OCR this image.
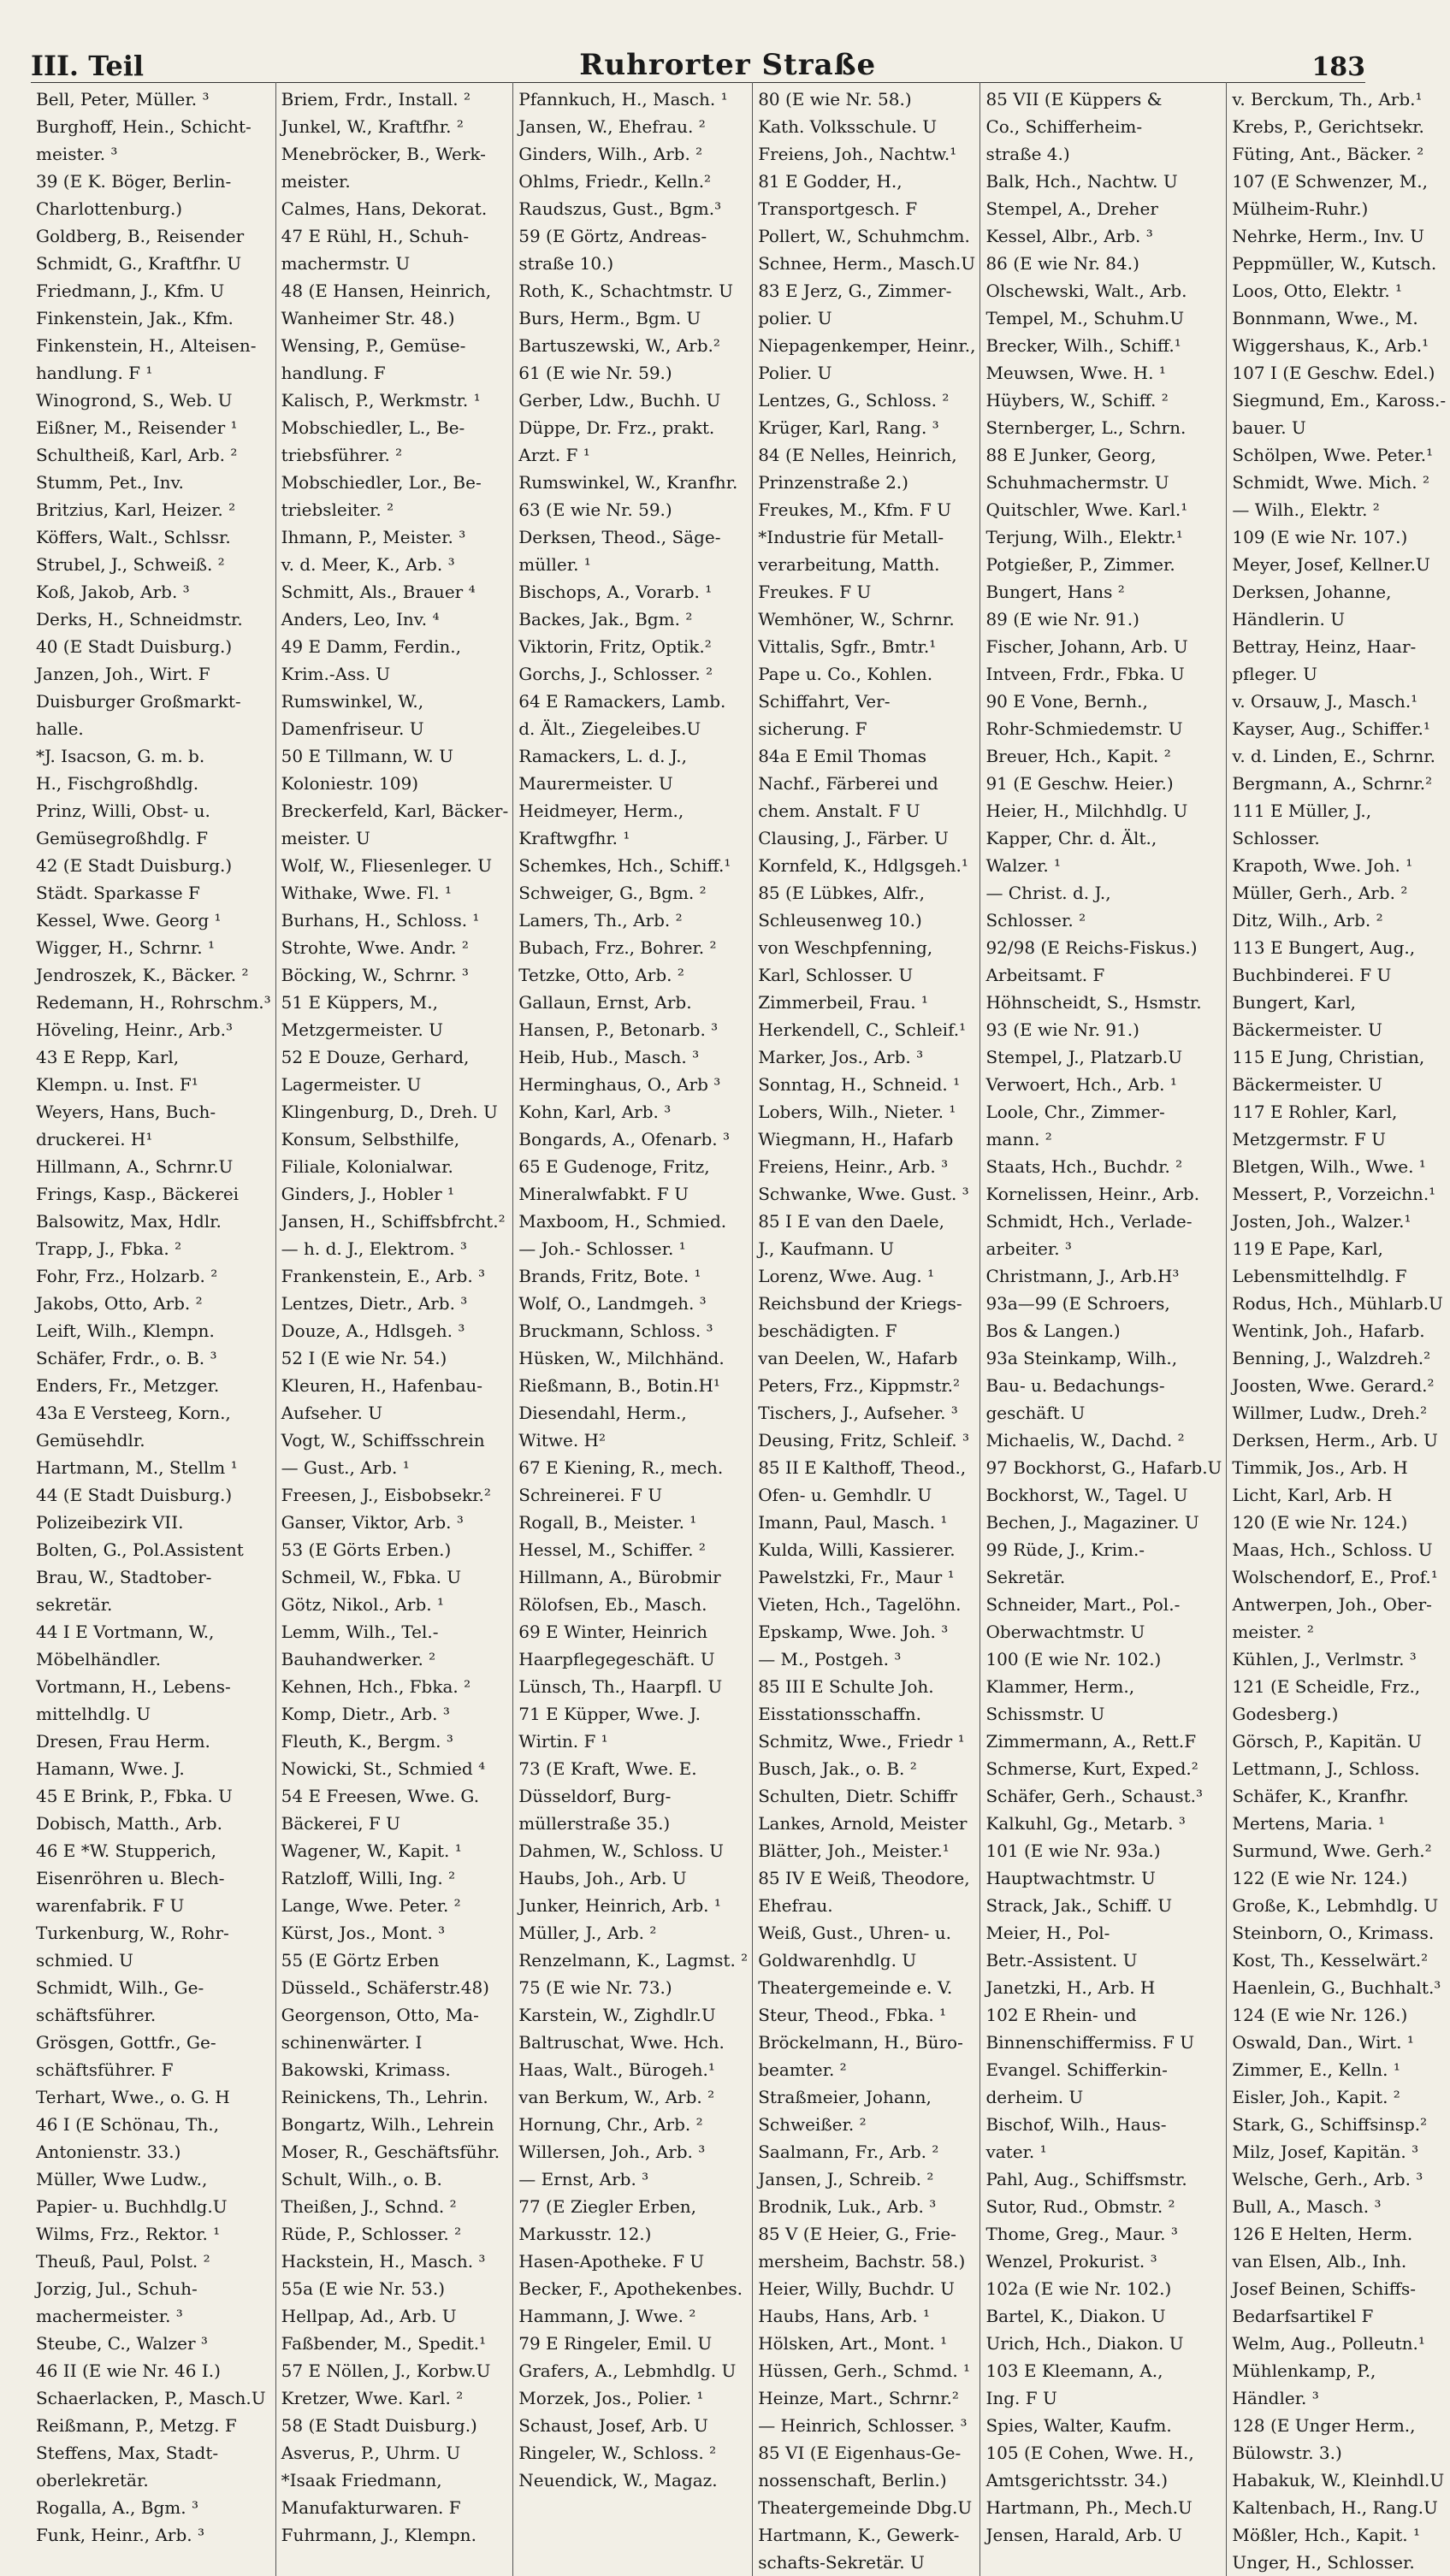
III. Teil	Ruhrorter Straße	183
Bell, Peter, Müller. ³
Burghoff, Hein., Schicht-
meister. ³
39 (E K. Böger, Berlin-
Charlottenburg.)
Goldberg, B., Reisender
Schmidt, G., Kraftfhr. U
Friedmann, J., Kfm. U
Finkenstein, Jak., Kfm.
Finkenstein, H., Alteisen-
handlung. F ¹
Winogrond, S., Web. U
Eißner, M., Reisender ¹
Schultheiß, Karl, Arb. ²
Stumm, Pet., Inv.
Britzius, Karl, Heizer. ²
Köffers, Walt., Schlssr.
Strubel, J., Schweiß. ²
Koß, Jakob, Arb. ³
Derks, H., Schneidmstr.
40 (E Stadt Duisburg.)
Janzen, Joh., Wirt. F
Duisburger Großmarkt-
halle.
*J. Isacson, G. m. b.
H., Fischgroßhdlg.
Prinz, Willi, Obst- u.
Gemüsegroßhdlg. F
42 (E Stadt Duisburg.)
Städt. Sparkasse F
Kessel, Wwe. Georg ¹
Wigger, H., Schrnr. ¹
Jendroszek, K., Bäcker. ²
Redemann, H., Rohrschm.³
Höveling, Heinr., Arb.³
43 E Repp, Karl,
Klempn. u. Inst. F¹
Weyers, Hans, Buch-
druckerei. H¹
Hillmann, A., Schrnr.U
Frings, Kasp., Bäckerei
Balsowitz, Max, Hdlr.
Trapp, J., Fbka. ²
Fohr, Frz., Holzarb. ²
Jakobs, Otto, Arb. ²
Leift, Wilh., Klempn.
Schäfer, Frdr., o. B. ³
Enders, Fr., Metzger.
43a E Versteeg, Korn.,
Gemüsehdlr.
Hartmann, M., Stellm ¹
44 (E Stadt Duisburg.)
Polizeibezirk VII.
Bolten, G., Pol.Assistent
Brau, W., Stadtober-
sekretär.
44 I E Vortmann, W.,
Möbelhändler.
Vortmann, H., Lebens-
mittelhdlg. U
Dresen, Frau Herm.
Hamann, Wwe. J.
45 E Brink, P., Fbka. U
Dobisch, Matth., Arb.
46 E *W. Stupperich,
Eisenröhren u. Blech-
warenfabrik. F U
Turkenburg, W., Rohr-
schmied. U
Schmidt, Wilh., Ge-
schäftsführer.
Grösgen, Gottfr., Ge-
schäftsführer. F
Terhart, Wwe., o. G. H
46 I (E Schönau, Th.,
Antonienstr. 33.)
Müller, Wwe Ludw.,
Papier- u. Buchhdlg.U
Wilms, Frz., Rektor. ¹
Theuß, Paul, Polst. ²
Jorzig, Jul., Schuh-
machermeister. ³
Steube, C., Walzer ³
46 II (E wie Nr. 46 I.)
Schaerlacken, P., Masch.U
Reißmann, P., Metzg. F
Steffens, Max, Stadt-
oberlekretär.
Rogalla, A., Bgm. ³
Funk, Heinr., Arb. ³
Briem, Frdr., Install. ²
Junkel, W., Kraftfhr. ²
Menebröcker, B., Werk-
meister.
Calmes, Hans, Dekorat.
47 E Rühl, H., Schuh-
machermstr. U
48 (E Hansen, Heinrich,
Wanheimer Str. 48.)
Wensing, P., Gemüse-
handlung. F
Kalisch, P., Werkmstr. ¹
Mobschiedler, L., Be-
triebsführer. ²
Mobschiedler, Lor., Be-
triebsleiter. ²
Ihmann, P., Meister. ³
v. d. Meer, K., Arb. ³
Schmitt, Als., Brauer ⁴
Anders, Leo, Inv. ⁴
49 E Damm, Ferdin.,
Krim.-Ass. U
Rumswinkel, W.,
Damenfriseur. U
50 E Tillmann, W. U
Koloniestr. 109)
Breckerfeld, Karl, Bäcker-
meister. U
Wolf, W., Fliesenleger. U
Withake, Wwe. Fl. ¹
Burhans, H., Schloss. ¹
Strohte, Wwe. Andr. ²
Böcking, W., Schrnr. ³
51 E Küppers, M.,
Metzgermeister. U
52 E Douze, Gerhard,
Lagermeister. U
Klingenburg, D., Dreh. U
Konsum, Selbsthilfe,
Filiale, Kolonialwar.
Ginders, J., Hobler ¹
Jansen, H., Schiffsbfrcht.²
— h. d. J., Elektrom. ³
Frankenstein, E., Arb. ³
Lentzes, Dietr., Arb. ³
Douze, A., Hdlsgeh. ³
52 I (E wie Nr. 54.)
Kleuren, H., Hafenbau-
Aufseher. U
Vogt, W., Schiffsschrein
— Gust., Arb. ¹
Freesen, J., Eisbobsekr.²
Ganser, Viktor, Arb. ³
53 (E Görts Erben.)
Schmeil, W., Fbka. U
Götz, Nikol., Arb. ¹
Lemm, Wilh., Tel.-
Bauhandwerker. ²
Kehnen, Hch., Fbka. ²
Komp, Dietr., Arb. ³
Fleuth, K., Bergm. ³
Nowicki, St., Schmied ⁴
54 E Freesen, Wwe. G.
Bäckerei, F U
Wagener, W., Kapit. ¹
Ratzloff, Willi, Ing. ²
Lange, Wwe. Peter. ²
Kürst, Jos., Mont. ³
55 (E Görtz Erben
Düsseld., Schäferstr.48)
Georgenson, Otto, Ma-
schinenwärter. I
Bakowski, Krimass.
Reinickens, Th., Lehrin.
Bongartz, Wilh., Lehrein
Moser, R., Geschäftsführ.
Schult, Wilh., o. B.
Theißen, J., Schnd. ²
Rüde, P., Schlosser. ²
Hackstein, H., Masch. ³
55a (E wie Nr. 53.)
Hellpap, Ad., Arb. U
Faßbender, M., Spedit.¹
57 E Nöllen, J., Korbw.U
Kretzer, Wwe. Karl. ²
58 (E Stadt Duisburg.)
Asverus, P., Uhrm. U
*Isaak Friedmann,
Manufakturwaren. F
Fuhrmann, J., Klempn.
Pfannkuch, H., Masch. ¹
Jansen, W., Ehefrau. ²
Ginders, Wilh., Arb. ²
Ohlms, Friedr., Kelln.²
Raudszus, Gust., Bgm.³
59 (E Görtz, Andreas-
straße 10.)
Roth, K., Schachtmstr. U
Burs, Herm., Bgm. U
Bartuszewski, W., Arb.²
61 (E wie Nr. 59.)
Gerber, Ldw., Buchh. U
Düppe, Dr. Frz., prakt.
Arzt. F ¹
Rumswinkel, W., Kranfhr.
63 (E wie Nr. 59.)
Derksen, Theod., Säge-
müller. ¹
Bischops, A., Vorarb. ¹
Backes, Jak., Bgm. ²
Viktorin, Fritz, Optik.²
Gorchs, J., Schlosser. ²
64 E Ramackers, Lamb.
d. Ält., Ziegeleibes.U
Ramackers, L. d. J.,
Maurermeister. U
Heidmeyer, Herm.,
Kraftwgfhr. ¹
Schemkes, Hch., Schiff.¹
Schweiger, G., Bgm. ²
Lamers, Th., Arb. ²
Bubach, Frz., Bohrer. ²
Tetzke, Otto, Arb. ²
Gallaun, Ernst, Arb.
Hansen, P., Betonarb. ³
Heib, Hub., Masch. ³
Herminghaus, O., Arb ³
Kohn, Karl, Arb. ³
Bongards, A., Ofenarb. ³
65 E Gudenoge, Fritz,
Mineralwfabkt. F U
Maxboom, H., Schmied.
— Joh.- Schlosser. ¹
Brands, Fritz, Bote. ¹
Wolf, O., Landmgeh. ³
Bruckmann, Schloss. ³
Hüsken, W., Milchhänd.
Rießmann, B., Botin.H¹
Diesendahl, Herm.,
Witwe. H²
67 E Kiening, R., mech.
Schreinerei. F U
Rogall, B., Meister. ¹
Hessel, M., Schiffer. ²
Hillmann, A., Bürobmir
Rölofsen, Eb., Masch.
69 E Winter, Heinrich
Haarpflegegeschäft. U
Lünsch, Th., Haarpfl. U
71 E Küpper, Wwe. J.
Wirtin. F ¹
73 (E Kraft, Wwe. E.
Düsseldorf, Burg-
müllerstraße 35.)
Dahmen, W., Schloss. U
Haubs, Joh., Arb. U
Junker, Heinrich, Arb. ¹
Müller, J., Arb. ²
Renzelmann, K., Lagmst. ²
75 (E wie Nr. 73.)
Karstein, W., Zighdlr.U
Baltruschat, Wwe. Hch.
Haas, Walt., Bürogeh.¹
van Berkum, W., Arb. ²
Hornung, Chr., Arb. ²
Willersen, Joh., Arb. ³
— Ernst, Arb. ³
77 (E Ziegler Erben,
Markusstr. 12.)
Hasen-Apotheke. F U
Becker, F., Apothekenbes.
Hammann, J. Wwe. ²
79 E Ringeler, Emil. U
Grafers, A., Lebmhdlg. U
Morzek, Jos., Polier. ¹
Schaust, Josef, Arb. U
Ringeler, W., Schloss. ²
Neuendick, W., Magaz.
80 (E wie Nr. 58.)
Kath. Volksschule. U
Freiens, Joh., Nachtw.¹
81 E Godder, H.,
Transportgesch. F
Pollert, W., Schuhmchm.
Schnee, Herm., Masch.U
83 E Jerz, G., Zimmer-
polier. U
Niepagenkemper, Heinr.,
Polier. U
Lentzes, G., Schloss. ²
Krüger, Karl, Rang. ³
84 (E Nelles, Heinrich,
Prinzenstraße 2.)
Freukes, M., Kfm. F U
*Industrie für Metall-
verarbeitung, Matth.
Freukes. F U
Wemhöner, W., Schrnr.
Vittalis, Sgfr., Bmtr.¹
Pape u. Co., Kohlen.
Schiffahrt, Ver-
sicherung. F
84a E Emil Thomas
Nachf., Färberei und
chem. Anstalt. F U
Clausing, J., Färber. U
Kornfeld, K., Hdlgsgeh.¹
85 (E Lübkes, Alfr.,
Schleusenweg 10.)
von Weschpfenning,
Karl, Schlosser. U
Zimmerbeil, Frau. ¹
Herkendell, C., Schleif.¹
Marker, Jos., Arb. ³
Sonntag, H., Schneid. ¹
Lobers, Wilh., Nieter. ¹
Wiegmann, H., Hafarb
Freiens, Heinr., Arb. ³
Schwanke, Wwe. Gust. ³
85 I E van den Daele,
J., Kaufmann. U
Lorenz, Wwe. Aug. ¹
Reichsbund der Kriegs-
beschädigten. F
van Deelen, W., Hafarb
Peters, Frz., Kippmstr.²
Tischers, J., Aufseher. ³
Deusing, Fritz, Schleif. ³
85 II E Kalthoff, Theod.,
Ofen- u. Gemhdlr. U
Imann, Paul, Masch. ¹
Kulda, Willi, Kassierer.
Pawelstzki, Fr., Maur ¹
Vieten, Hch., Tagelöhn.
Epskamp, Wwe. Joh. ³
— M., Postgeh. ³
85 III E Schulte Joh.
Eisstationsschaffn.
Schmitz, Wwe., Friedr ¹
Busch, Jak., o. B. ²
Schulten, Dietr. Schiffr
Lankes, Arnold, Meister
Blätter, Joh., Meister.¹
85 IV E Weiß, Theodore,
Ehefrau.
Weiß, Gust., Uhren- u.
Goldwarenhdlg. U
Theatergemeinde e. V.
Steur, Theod., Fbka. ¹
Bröckelmann, H., Büro-
beamter. ²
Straßmeier, Johann,
Schweißer. ²
Saalmann, Fr., Arb. ²
Jansen, J., Schreib. ²
Brodnik, Luk., Arb. ³
85 V (E Heier, G., Frie-
mersheim, Bachstr. 58.)
Heier, Willy, Buchdr. U
Haubs, Hans, Arb. ¹
Hölsken, Art., Mont. ¹
Hüssen, Gerh., Schmd. ¹
Heinze, Mart., Schrnr.²
— Heinrich, Schlosser. ³
85 VI (E Eigenhaus-Ge-
nossenschaft, Berlin.)
Theatergemeinde Dbg.U
Hartmann, K., Gewerk-
schafts-Sekretär. U
85 VII (E Küppers &
Co., Schifferheim-
straße 4.)
Balk, Hch., Nachtw. U
Stempel, A., Dreher
Kessel, Albr., Arb. ³
86 (E wie Nr. 84.)
Olschewski, Walt., Arb.
Tempel, M., Schuhm.U
Brecker, Wilh., Schiff.¹
Meuwsen, Wwe. H. ¹
Hüybers, W., Schiff. ²
Sternberger, L., Schrn.
88 E Junker, Georg,
Schuhmachermstr. U
Quitschler, Wwe. Karl.¹
Terjung, Wilh., Elektr.¹
Potgießer, P., Zimmer.
Bungert, Hans ²
89 (E wie Nr. 91.)
Fischer, Johann, Arb. U
Intveen, Frdr., Fbka. U
90 E Vone, Bernh.,
Rohr-Schmiedemstr. U
Breuer, Hch., Kapit. ²
91 (E Geschw. Heier.)
Heier, H., Milchhdlg. U
Kapper, Chr. d. Ält.,
Walzer. ¹
— Christ. d. J.,
Schlosser. ²
92/98 (E Reichs-Fiskus.)
Arbeitsamt. F
Höhnscheidt, S., Hsmstr.
93 (E wie Nr. 91.)
Stempel, J., Platzarb.U
Verwoert, Hch., Arb. ¹
Loole, Chr., Zimmer-
mann. ²
Staats, Hch., Buchdr. ²
Kornelissen, Heinr., Arb.
Schmidt, Hch., Verlade-
arbeiter. ³
Christmann, J., Arb.H³
93a—99 (E Schroers,
Bos & Langen.)
93a Steinkamp, Wilh.,
Bau- u. Bedachungs-
geschäft. U
Michaelis, W., Dachd. ²
97 Bockhorst, G., Hafarb.U
Bockhorst, W., Tagel. U
Bechen, J., Magaziner. U
99 Rüde, J., Krim.-
Sekretär.
Schneider, Mart., Pol.-
Oberwachtmstr. U
100 (E wie Nr. 102.)
Klammer, Herm.,
Schissmstr. U
Zimmermann, A., Rett.F
Schmerse, Kurt, Exped.²
Schäfer, Gerh., Schaust.³
Kalkuhl, Gg., Metarb. ³
101 (E wie Nr. 93a.)
Hauptwachtmstr. U
Strack, Jak., Schiff. U
Meier, H., Pol-
Betr.-Assistent. U
Janetzki, H., Arb. H
102 E Rhein- und
Binnenschiffermiss. F U
Evangel. Schifferkin-
derheim. U
Bischof, Wilh., Haus-
vater. ¹
Pahl, Aug., Schiffsmstr.
Sutor, Rud., Obmstr. ²
Thome, Greg., Maur. ³
Wenzel, Prokurist. ³
102a (E wie Nr. 102.)
Bartel, K., Diakon. U
Urich, Hch., Diakon. U
103 E Kleemann, A.,
Ing. F U
Spies, Walter, Kaufm.
105 (E Cohen, Wwe. H.,
Amtsgerichtsstr. 34.)
Hartmann, Ph., Mech.U
Jensen, Harald, Arb. U
v. Berckum, Th., Arb.¹
Krebs, P., Gerichtsekr.
Füting, Ant., Bäcker. ²
107 (E Schwenzer, M.,
Mülheim-Ruhr.)
Nehrke, Herm., Inv. U
Peppmüller, W., Kutsch.
Loos, Otto, Elektr. ¹
Bonnmann, Wwe., M.
Wiggershaus, K., Arb.¹
107 I (E Geschw. Edel.)
Siegmund, Em., Kaross.-
bauer. U
Schölpen, Wwe. Peter.¹
Schmidt, Wwe. Mich. ²
— Wilh., Elektr. ²
109 (E wie Nr. 107.)
Meyer, Josef, Kellner.U
Derksen, Johanne,
Händlerin. U
Bettray, Heinz, Haar-
pfleger. U
v. Orsauw, J., Masch.¹
Kayser, Aug., Schiffer.¹
v. d. Linden, E., Schrnr.
Bergmann, A., Schrnr.²
111 E Müller, J.,
Schlosser.
Krapoth, Wwe. Joh. ¹
Müller, Gerh., Arb. ²
Ditz, Wilh., Arb. ²
113 E Bungert, Aug.,
Buchbinderei. F U
Bungert, Karl,
Bäckermeister. U
115 E Jung, Christian,
Bäckermeister. U
117 E Rohler, Karl,
Metzgermstr. F U
Bletgen, Wilh., Wwe. ¹
Messert, P., Vorzeichn.¹
Josten, Joh., Walzer.¹
119 E Pape, Karl,
Lebensmittelhdlg. F
Rodus, Hch., Mühlarb.U
Wentink, Joh., Hafarb.
Benning, J., Walzdreh.²
Joosten, Wwe. Gerard.²
Willmer, Ludw., Dreh.²
Derksen, Herm., Arb. U
Timmik, Jos., Arb. H
Licht, Karl, Arb. H
120 (E wie Nr. 124.)
Maas, Hch., Schloss. U
Wolschendorf, E., Prof.¹
Antwerpen, Joh., Ober-
meister. ²
Kühlen, J., Verlmstr. ³
121 (E Scheidle, Frz.,
Godesberg.)
Görsch, P., Kapitän. U
Lettmann, J., Schloss.
Schäfer, K., Kranfhr.
Mertens, Maria. ¹
Surmund, Wwe. Gerh.²
122 (E wie Nr. 124.)
Große, K., Lebmhdlg. U
Steinborn, O., Krimass.
Kost, Th., Kesselwärt.²
Haenlein, G., Buchhalt.³
124 (E wie Nr. 126.)
Oswald, Dan., Wirt. ¹
Zimmer, E., Kelln. ¹
Eisler, Joh., Kapit. ²
Stark, G., Schiffsinsp.²
Milz, Josef, Kapitän. ³
Welsche, Gerh., Arb. ³
Bull, A., Masch. ³
126 E Helten, Herm.
van Elsen, Alb., Inh.
Josef Beinen, Schiffs-
Bedarfsartikel F
Welm, Aug., Polleutn.¹
Mühlenkamp, P.,
Händler. ³
128 (E Unger Herm.,
Bülowstr. 3.)
Habakuk, W., Kleinhdl.U
Kaltenbach, H., Rang.U
Mößler, Hch., Kapit. ¹
Unger, H., Schlosser.
